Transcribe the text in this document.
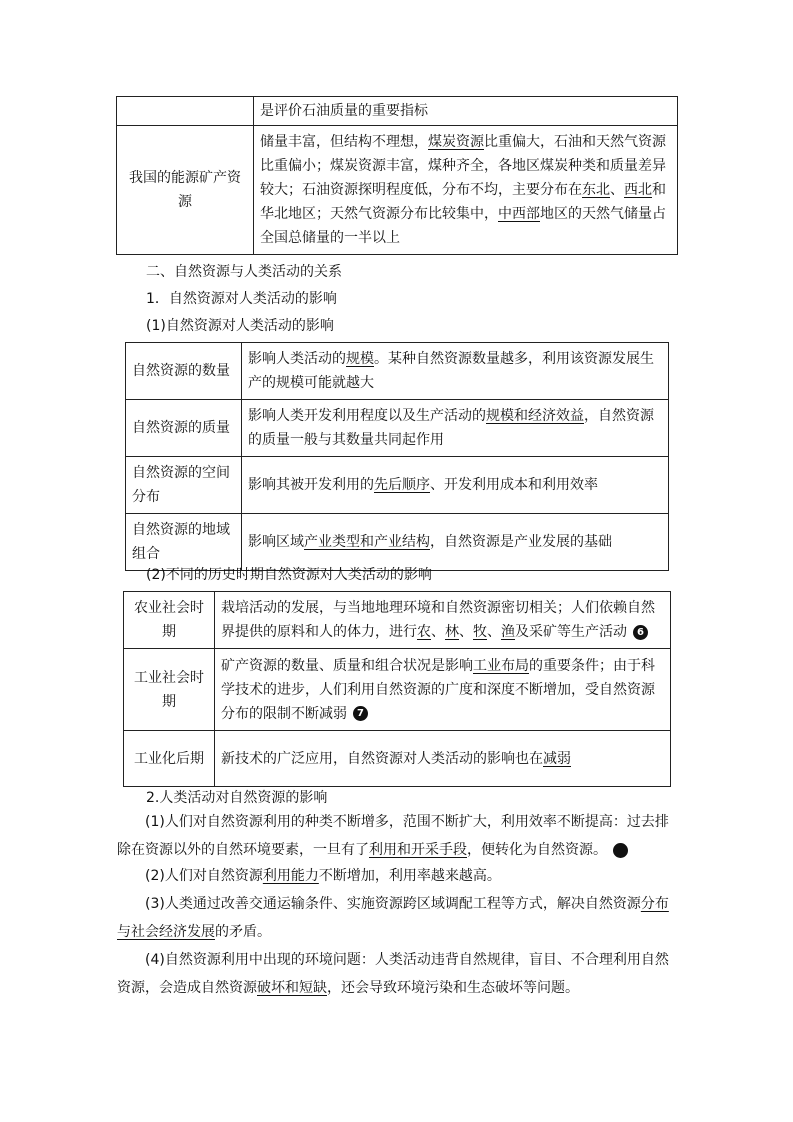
	是评价石油质量的重要指标
我国的能源矿产资源	储量丰富，但结构不理想，煤炭资源比重偏大，石油和天然气资源比重偏小；煤炭资源丰富，煤种齐全，各地区煤炭种类和质量差异较大；石油资源探明程度低，分布不均，主要分布在东北、西北和华北地区；天然气资源分布比较集中，中西部地区的天然气储量占全国总储量的一半以上
二、自然资源与人类活动的关系
1．自然资源对人类活动的影响
(1)自然资源对人类活动的影响
自然资源的数量	影响人类活动的规模。某种自然资源数量越多，利用该资源发展生产的规模可能就越大
自然资源的质量	影响人类开发利用程度以及生产活动的规模和经济效益，自然资源的质量一般与其数量共同起作用
自然资源的空间分布	影响其被开发利用的先后顺序、开发利用成本和利用效率
自然资源的地域组合	影响区域产业类型和产业结构，自然资源是产业发展的基础
(2)不同的历史时期自然资源对人类活动的影响
农业社会时期	栽培活动的发展，与当地地理环境和自然资源密切相关；人们依赖自然界提供的原料和人的体力，进行农、林、牧、渔及采矿等生产活动 6
工业社会时期	矿产资源的数量、质量和组合状况是影响工业布局的重要条件；由于科学技术的进步，人们利用自然资源的广度和深度不断增加，受自然资源分布的限制不断减弱 7
工业化后期	新技术的广泛应用，自然资源对人类活动的影响也在减弱
2.人类活动对自然资源的影响
(1)人们对自然资源利用的种类不断增多，范围不断扩大，利用效率不断提高：过去排除在资源以外的自然环境要素，一旦有了利用和开采手段，便转化为自然资源。	8
(2)人们对自然资源利用能力不断增加，利用率越来越高。
(3)人类通过改善交通运输条件、实施资源跨区域调配工程等方式，解决自然资源分布与社会经济发展的矛盾。
(4)自然资源利用中出现的环境问题：人类活动违背自然规律，盲目、不合理利用自然资源，会造成自然资源破坏和短缺，还会导致环境污染和生态破坏等问题。
